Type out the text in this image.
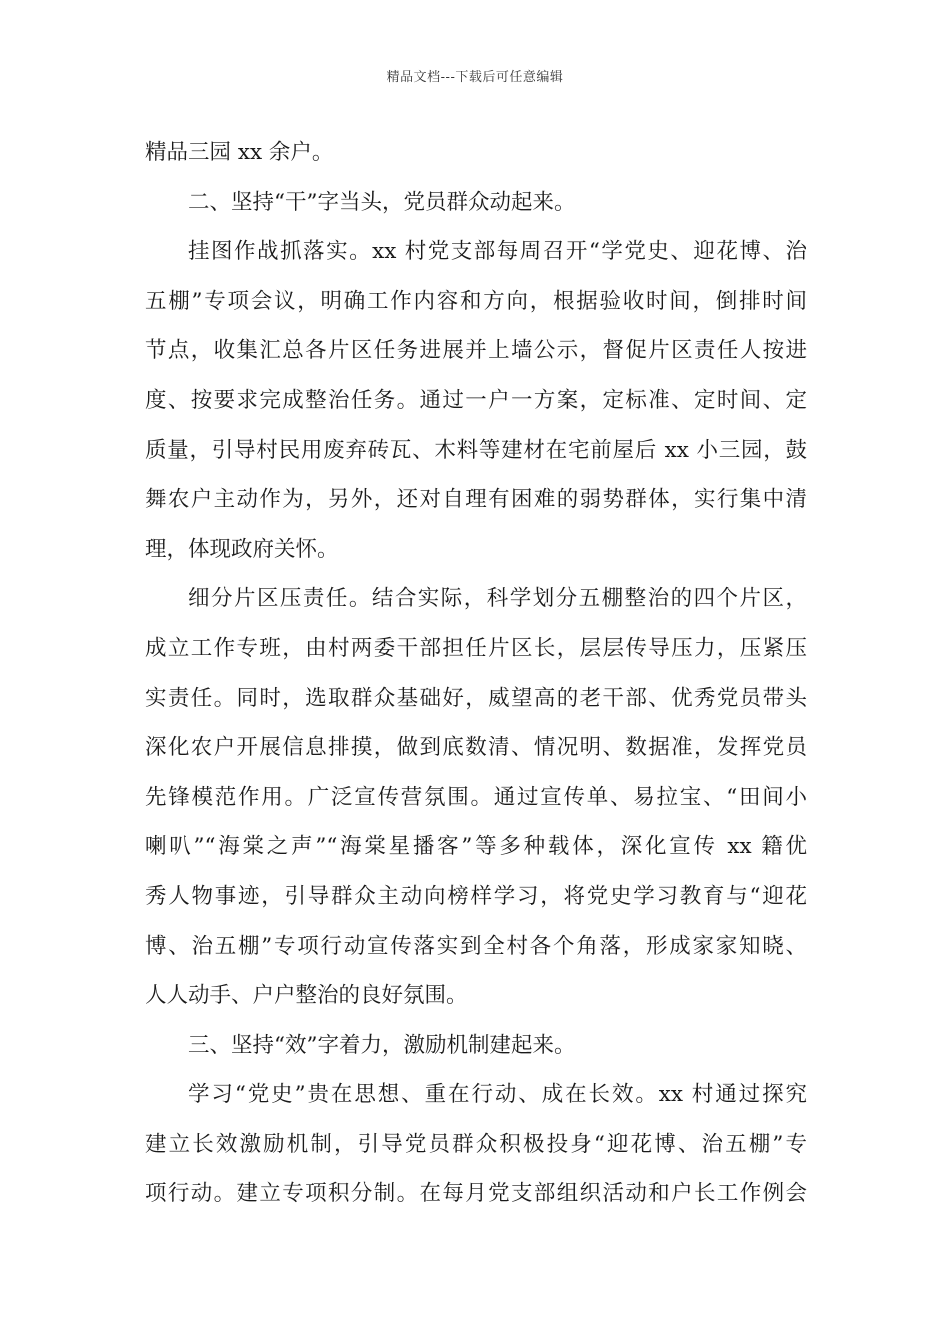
精品文档---下载后可任意编辑
精品三园 xx 余户。
二、坚持“干”字当头，党员群众动起来。
挂图作战抓落实。xx 村党支部每周召开“学党史、迎花博、治
五棚”专项会议，明确工作内容和方向，根据验收时间，倒排时间
节点，收集汇总各片区任务进展并上墙公示，督促片区责任人按进
度、按要求完成整治任务。通过一户一方案，定标准、定时间、定
质量，引导村民用废弃砖瓦、木料等建材在宅前屋后 xx 小三园，鼓
舞农户主动作为，另外，还对自理有困难的弱势群体，实行集中清
理，体现政府关怀。
细分片区压责任。结合实际，科学划分五棚整治的四个片区，
成立工作专班，由村两委干部担任片区长，层层传导压力，压紧压
实责任。同时，选取群众基础好，威望高的老干部、优秀党员带头
深化农户开展信息排摸，做到底数清、情况明、数据准，发挥党员
先锋模范作用。广泛宣传营氛围。通过宣传单、易拉宝、“田间小
喇叭”“海棠之声”“海棠星播客”等多种载体，深化宣传 xx 籍优
秀人物事迹，引导群众主动向榜样学习，将党史学习教育与“迎花
博、治五棚”专项行动宣传落实到全村各个角落，形成家家知晓、
人人动手、户户整治的良好氛围。
三、坚持“效”字着力，激励机制建起来。
学习“党史”贵在思想、重在行动、成在长效。xx 村通过探究
建立长效激励机制，引导党员群众积极投身“迎花博、治五棚”专
项行动。建立专项积分制。在每月党支部组织活动和户长工作例会
